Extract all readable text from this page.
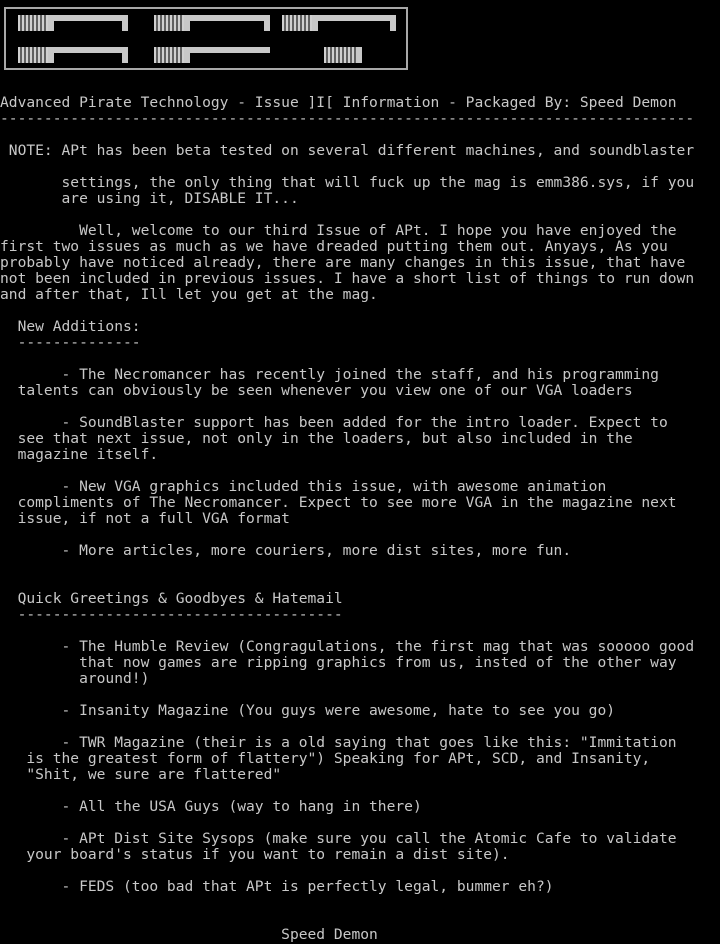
Advanced Pirate Technology - Issue ]I[ Information - Packaged By: Speed Demon
-------------------------------------------------------------------------------
NOTE: APt has been beta tested on several different machines, and soundblaster
settings, the only thing that will fuck up the mag is emm386.sys, if you
are using it, DISABLE IT...
Well, welcome to our third Issue of APt. I hope you have enjoyed the
first two issues as much as we have dreaded putting them out. Anyays, As you
probably have noticed already, there are many changes in this issue, that have
not been included in previous issues. I have a short list of things to run down
and after that, Ill let you get at the mag.
New Additions:
--------------
- The Necromancer has recently joined the staff, and his programming
talents can obviously be seen whenever you view one of our VGA loaders
- SoundBlaster support has been added for the intro loader. Expect to
see that next issue, not only in the loaders, but also included in the
magazine itself.
- New VGA graphics included this issue, with awesome animation
compliments of The Necromancer. Expect to see more VGA in the magazine next
issue, if not a full VGA format
- More articles, more couriers, more dist sites, more fun.
Quick Greetings & Goodbyes & Hatemail
-------------------------------------
- The Humble Review (Congragulations, the first mag that was sooooo good
that now games are ripping graphics from us, insted of the other way
around!)
- Insanity Magazine (You guys were awesome, hate to see you go)
- TWR Magazine (their is a old saying that goes like this: "Immitation
is the greatest form of flattery") Speaking for APt, SCD, and Insanity,
"Shit, we sure are flattered"
- All the USA Guys (way to hang in there)
- APt Dist Site Sysops (make sure you call the Atomic Cafe to validate
your board's status if you want to remain a dist site).
- FEDS (too bad that APt is perfectly legal, bummer eh?)
Speed Demon
